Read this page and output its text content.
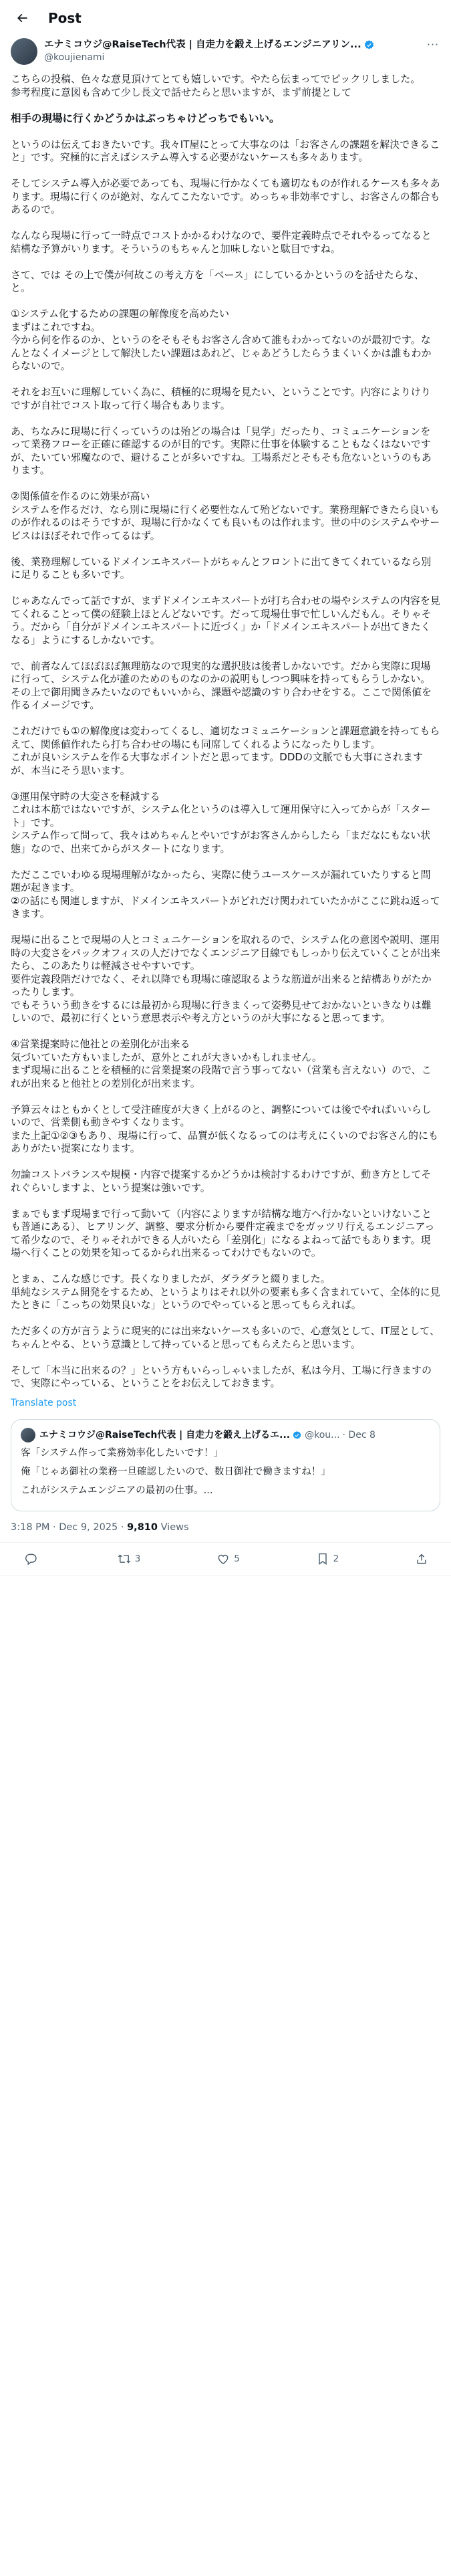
Post
エナミコウジ@RaiseTech代表 | 自走力を鍛え上げるエンジニアリン...
@koujienami
···

こちらの投稿、色々な意見頂けてとても嬉しいです。やたら伝まってでピックリしました。
参考程度に意図も含めて少し長文で話せたらと思いますが、まず前提として

相手の現場に行くかどうかはぶっちゃけどっちでもいい。

というのは伝えておきたいです。我々IT屋にとって大事なのは「お客さんの課題を解決できること」です。究極的に言えばシステム導入する必要がないケースも多々あります。

そしてシステム導入が必要であっても、現場に行かなくても適切なものが作れるケースも多々あります。現場に行くのが絶対、なんてこたないです。めっちゃ非効率ですし、お客さんの都合もあるので。

なんなら現場に行って一時点でコストかかるわけなので、要件定義時点でそれやるってなると結構な予算がいります。そういうのもちゃんと加味しないと駄目ですね。

さて、では その上で僕が何故この考え方を「ベース」にしているかというのを話せたらな、と。

①システム化するための課題の解像度を高めたい
まずはこれですね。
今から何を作るのか、というのをそもそもお客さん含めて誰もわかってないのが最初です。なんとなくイメージとして解決したい課題はあれど、じゃあどうしたらうまくいくかは誰もわからないので。

それをお互いに理解していく為に、積極的に現場を見たい、ということです。内容によりけりですが自社でコスト取って行く場合もあります。

あ、ちなみに現場に行くっていうのは殆どの場合は「見学」だったり、コミュニケーションをって業務フローを正確に確認するのが目的です。実際に仕事を体験することもなくはないですが、たいてい邪魔なので、避けることが多いですね。工場系だとそもそも危ないというのもあります。

②関係値を作るのに効果が高い
システムを作るだけ、なら別に現場に行く必要性なんて殆どないです。業務理解できたら良いものが作れるのはそうですが、現場に行かなくても良いものは作れます。世の中のシステムやサービスはほぼそれで作ってるはず。

後、業務理解しているドメインエキスパートがちゃんとフロントに出てきてくれているなら別に足りることも多いです。

じゃあなんでって話ですが、まずドメインエキスパートが打ち合わせの場やシステムの内容を見てくれることって僕の経験上ほとんどないです。だって現場仕事で忙しいんだもん。そりゃそう。だから「自分がドメインエキスパートに近づく」か「ドメインエキスパートが出てきたくなる」ようにするしかないです。

で、前者なんてほぼほぼ無理筋なので現実的な選択肢は後者しかないです。だから実際に現場に行って、システム化が誰のためのものなのかの説明もしつつ興味を持ってもらうしかない。
その上で御用聞きみたいなのでもいいから、課題や認識のすり合わせをする。ここで関係値を作るイメージです。

これだけでも①の解像度は変わってくるし、適切なコミュニケーションと課題意識を持ってもらえて、関係値作れたら打ち合わせの場にも同席してくれるようになったりします。
これが良いシステムを作る大事なポイントだと思ってます。DDDの文脈でも大事にされますが、本当にそう思います。

③運用保守時の大変さを軽減する
これは本筋ではないですが、システム化というのは導入して運用保守に入ってからが「スタート」です。
システム作って問って、我々はめちゃんとやいですがお客さんからしたら「まだなにもない状態」なので、出来てからがスタートになります。

ただここでいわゆる現場理解がなかったら、実際に使うユースケースが漏れていたりすると問題が起きます。
②の話にも関連しますが、ドメインエキスパートがどれだけ関われていたかがここに跳ね返ってきます。

現場に出ることで現場の人とコミュニケーションを取れるので、システム化の意図や説明、運用時の大変さをパックオフィスの人だけでなくエンジニア目線でもしっかり伝えていくことが出来たら、このあたりは軽減させやすいです。
要件定義段階だけでなく、それ以降でも現場に確認取るような筋道が出来ると結構ありがたかったりします。
でもそういう動きをするには最初から現場に行きまくって姿勢見せておかないといきなりは難しいので、最初に行くという意思表示や考え方というのが大事になると思ってます。

④営業提案時に他社との差別化が出来る
気づいていた方もいましたが、意外とこれが大きいかもしれません。
まず現場に出ることを積極的に営業提案の段階で言う事ってない（営業も言えない）ので、これが出来ると他社との差別化が出来ます。

予算云々はともかくとして受注確度が大きく上がるのと、調整については後でやればいいらしいので、営業側も動きやすくなります。
また上記①②③もあり、現場に行って、品質が低くなるってのは考えにくいのでお客さん的にもありがたい提案になります。

勿論コストバランスや規模・内容で提案するかどうかは検討するわけですが、動き方としてそれぐらいしますよ、という提案は強いです。

まぁでもまず現場まで行って動いて（内容によりますが結構な地方へ行かないといけないことも普通にある）、ヒアリング、調整、要求分析から要件定義までをガッツリ行えるエンジニアって希少なので、そりゃそれができる人がいたら「差別化」になるよねって話でもあります。現場へ行くことの効果を知ってるかられ出来るってわけでもないので。

とまぁ、こんな感じです。長くなりましたが、ダラダラと綴りました。
単純なシステム開発をするため、というよりはそれ以外の要素も多く含まれていて、全体的に見たときに「こっちの効果良いな」というのでやっていると思ってもらえれば。

ただ多くの方が言うように現実的には出来ないケースも多いので、心意気として、IT屋として、ちゃんとやる、という意識として持っていると思ってもらえたらと思います。

そして「本当に出来るの？」という方もいらっしゃいましたが、私は今月、工場に行きますので、実際にやっている、ということをお伝えしておきます。

Translate post
エナミコウジ@RaiseTech代表 | 自走力を鍛え上げるエ... @kou... · Dec 8
客「システム作って業務効率化したいです！」
俺「じゃあ御社の業務一旦確認したいので、数日御社で働きますね！」
これがシステムエンジニアの最初の仕事。...
3:18 PM · Dec 9, 2025 · 9,810 Views
3	5	2
